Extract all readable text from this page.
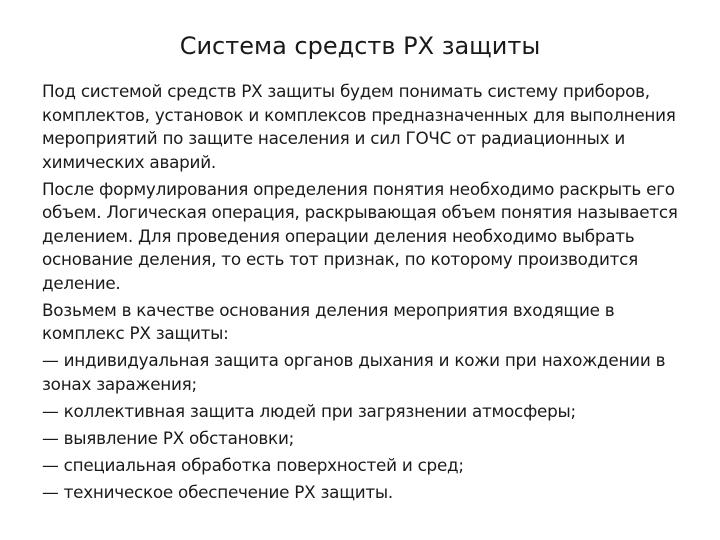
Система средств РХ защиты

Под системой средств РХ защиты будем понимать систему приборов, комплектов, установок и комплексов предназначенных для выполнения мероприятий по защите населения и сил ГОЧС от радиационных и химических аварий.

После формулирования определения понятия необходимо раскрыть его объем. Логическая операция, раскрывающая объем понятия называется делением. Для проведения операции деления необходимо выбрать основание деления, то есть тот признак, по которому производится деление.

Возьмем в качестве основания деления мероприятия входящие в комплекс РХ защиты:

— индивидуальная защита органов дыхания и кожи при нахождении в зонах заражения;

— коллективная защита людей при загрязнении атмосферы;

— выявление РХ обстановки;

— специальная обработка поверхностей и сред;

— техническое обеспечение РХ защиты.
